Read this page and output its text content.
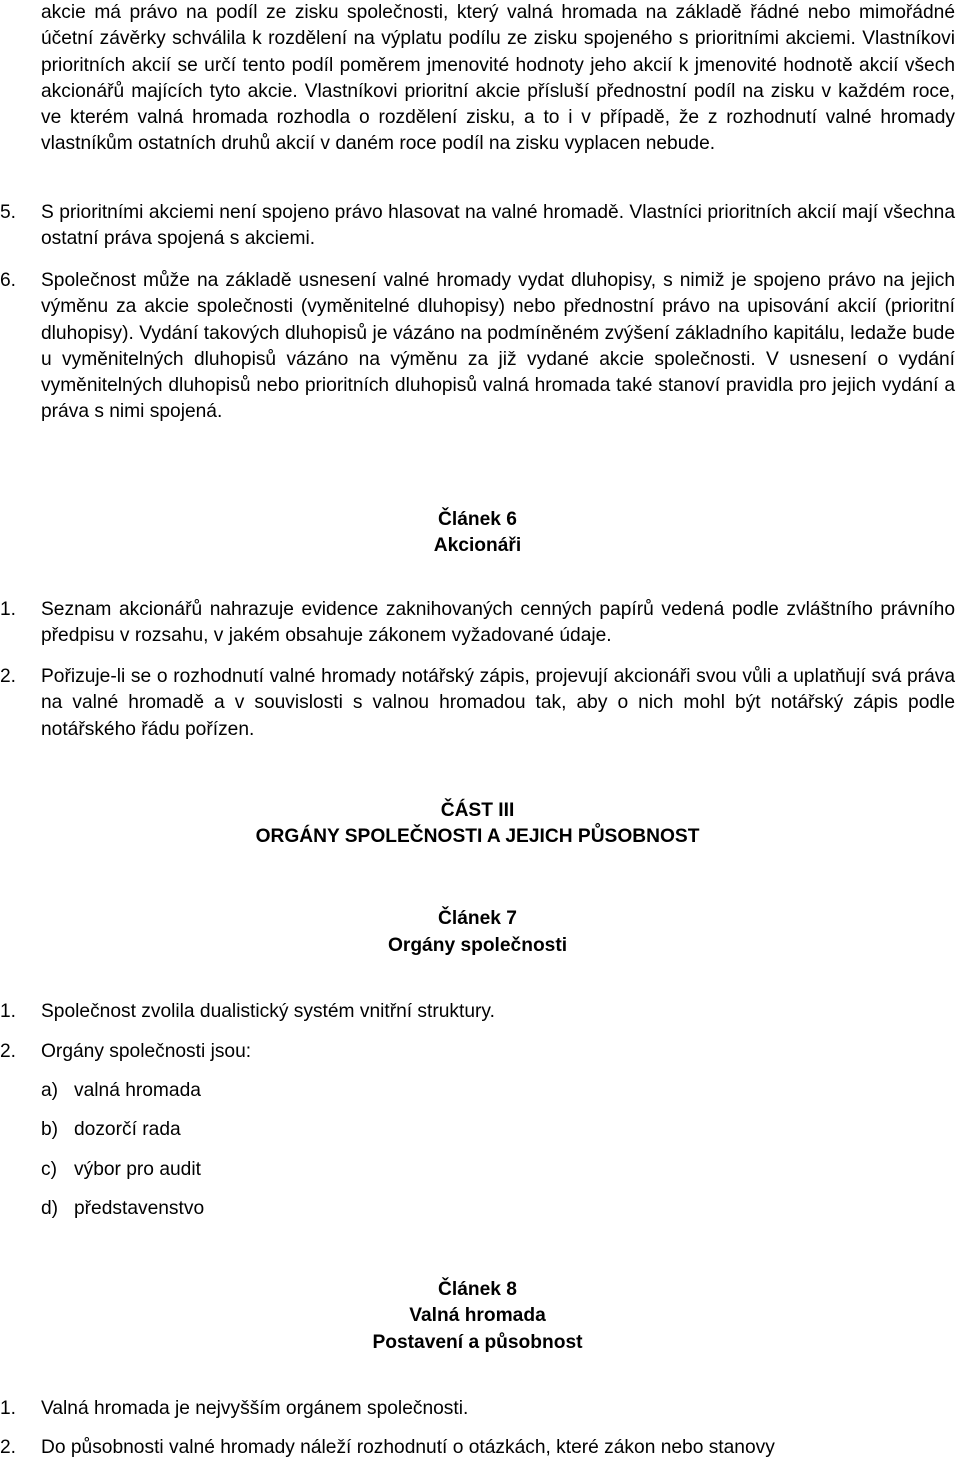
akcie má právo na podíl ze zisku společnosti, který valná hromada na základě řádné nebo mimořádné účetní závěrky schválila k rozdělení na výplatu podílu ze zisku spojeného s prioritními akciemi. Vlastníkovi prioritních akcií se určí tento podíl poměrem jmenovité hodnoty jeho akcií k jmenovité hodnotě akcií všech akcionářů majících tyto akcie. Vlastníkovi prioritní akcie přísluší přednostní podíl na zisku v každém roce, ve kterém valná hromada rozhodla o rozdělení zisku, a to i v případě, že z rozhodnutí valné hromady vlastníkům ostatních druhů akcií v daném roce podíl na zisku vyplacen nebude.

5.	S prioritními akciemi není spojeno právo hlasovat na valné hromadě. Vlastníci prioritních akcií mají všechna ostatní práva spojená s akciemi.

6.	Společnost může na základě usnesení valné hromady vydat dluhopisy, s nimiž je spojeno právo na jejich výměnu za akcie společnosti (vyměnitelné dluhopisy) nebo přednostní právo na upisování akcií (prioritní dluhopisy). Vydání takových dluhopisů je vázáno na podmíněném zvýšení základního kapitálu, ledaže bude u vyměnitelných dluhopisů vázáno na výměnu za již vydané akcie společnosti. V usnesení o vydání vyměnitelných dluhopisů nebo prioritních dluhopisů valná hromada také stanoví pravidla pro jejich vydání a práva s nimi spojená.

Článek 6
Akcionáři

1.	Seznam akcionářů nahrazuje evidence zaknihovaných cenných papírů vedená podle zvláštního právního předpisu v rozsahu, v jakém obsahuje zákonem vyžadované údaje.

2.	Pořizuje-li se o rozhodnutí valné hromady notářský zápis, projevují akcionáři svou vůli a uplatňují svá práva na valné hromadě a v souvislosti s valnou hromadou tak, aby o nich mohl být notářský zápis podle notářského řádu pořízen.

ČÁST III
ORGÁNY SPOLEČNOSTI A JEJICH PŮSOBNOST
Článek 7
Orgány společnosti

1.	Společnost zvolila dualistický systém vnitřní struktury.

2.	Orgány společnosti jsou:

a) valná hromada
b) dozorčí rada
c) výbor pro audit
d) představenstvo
Článek 8
Valná hromada
Postavení a působnost

1.	Valná hromada je nejvyšším orgánem společnosti.

2.	Do působnosti valné hromady náleží rozhodnutí o otázkách, které zákon nebo stanovy
